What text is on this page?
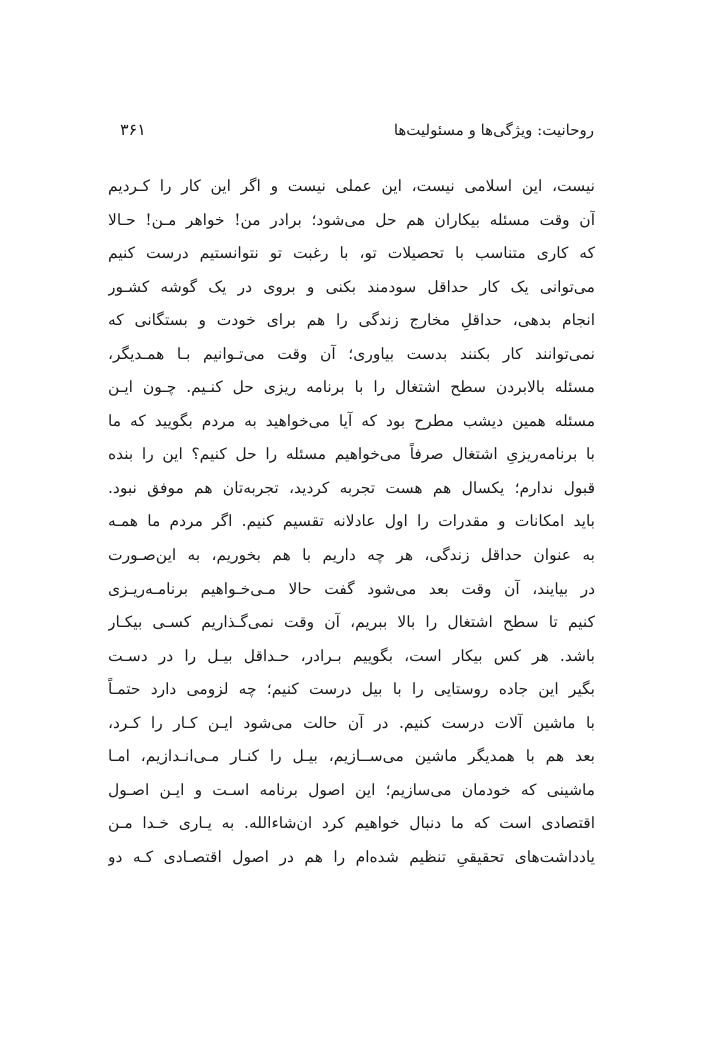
روحانیت: ویژگی‌ها و مسئولیت‌ها
۳۶۱
نیست، این اسلامی نیست، این عملی نیست و اگر این کار را کـردیم
آن وقت مسئله بیکاران هم حل می‌شود؛ برادر من! خواهر مـن! حـالا
که کاری متناسب با تحصیلات تو، با رغبت تو نتوانستیم درست کنیم
می‌توانی یک کار حداقل سودمند بکنی و بروی در یک گوشه کشـور
انجام بدهی، حداقلِ مخارج زندگی را هم برای خودت و بستگانی که
نمی‌توانند کار بکنند بدست بیاوری؛ آن وقت می‌تـوانیم بـا همـدیگر،
مسئله بالابردن سطح اشتغال را با برنامه ریزی حل کنـیم. چـون ایـن
مسئله همین دیشب مطرح بود که آیا می‌خواهید به مردم بگویید که ما
با برنامه‌ریزیِ اشتغال صرفاً می‌خواهیم مسئله را حل کنیم؟ این را بنده
قبول ندارم؛ یکسال هم هست تجربه کردید، تجربه‌تان هم موفق نبود.
باید امکانات و مقدرات را اول عادلانه تقسیم کنیم. اگر مردم ما همـه
به عنوان حداقل زندگی، هر چه داریم با هم بخوریم، به این‌صـورت
در بیایند، آن وقت بعد می‌شود گفت حالا مـی‌خـواهیم برنامـه‌ریـزی
کنیم تا سطح اشتغال را بالا ببریم، آن وقت نمی‌گـذاریم کسـی بیکـار
باشد. هر کس بیکار است، بگوییم بـرادر، حـداقل بیـل را در دسـت
بگیر این جاده روستایی را با بیل درست کنیم؛ چه لزومی دارد حتمـاً
با ماشین آلات درست کنیم. در آن حالت می‌شود ایـن کـار را کـرد،
بعد هم با همدیگر ماشین می‌ســازیم، بیـل را کنـار مـی‌انـدازیم، امـا
ماشینی که خودمان می‌سازیم؛ این اصول برنامه اسـت و ایـن اصـول
اقتصادی است که ما دنبال خواهیم کرد ان‌شاءالله. به یـاری خـدا مـن
یادداشت‌های تحقیقیِ تنظیم شده‌ام را هم در اصول اقتصـادی کـه دو
